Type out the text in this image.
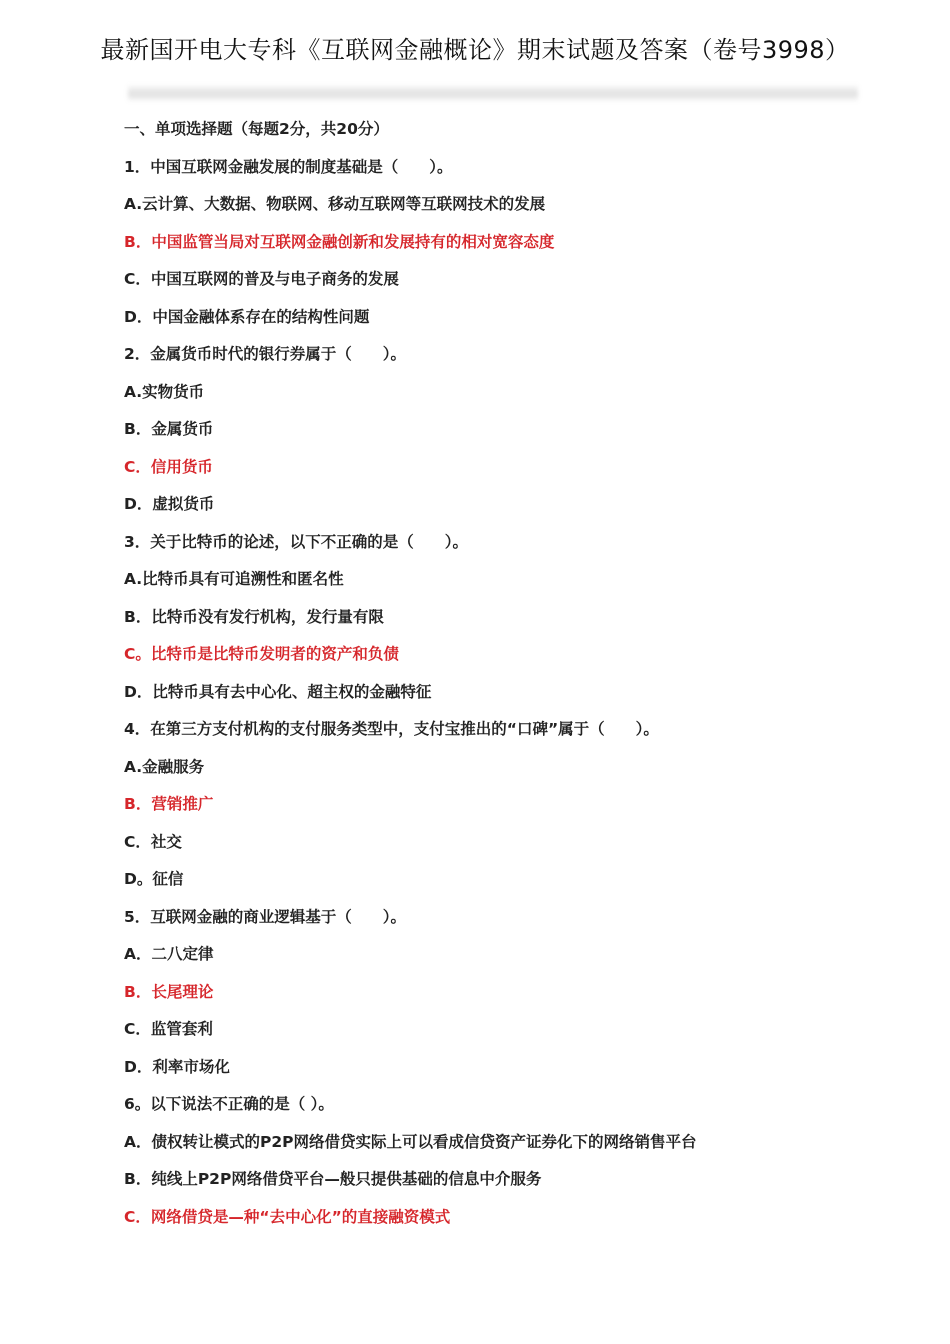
最新国开电大专科《互联网金融概论》期末试题及答案（卷号3998）
一、单项选择题（每题2分，共20分）
1．中国互联网金融发展的制度基础是（　　）。
A.云计算、大数据、物联网、移动互联网等互联网技术的发展
B．中国监管当局对互联网金融创新和发展持有的相对宽容态度
C．中国互联网的普及与电子商务的发展
D．中国金融体系存在的结构性问题
2．金属货币时代的银行券属于（　　）。
A.实物货币
B．金属货币
C．信用货币
D．虚拟货币
3．关于比特币的论述，以下不正确的是（　　）。
A.比特币具有可追溯性和匿名性
B．比特币没有发行机构，发行量有限
C。比特币是比特币发明者的资产和负债
D．比特币具有去中心化、超主权的金融特征
4．在第三方支付机构的支付服务类型中，支付宝推出的“口碑”属于（　　）。
A.金融服务
B．营销推广
C．社交
D。征信
5．互联网金融的商业逻辑基于（　　）。
A．二八定律
B．长尾理论
C．监管套利
D．利率市场化
6。以下说法不正确的是（ ）。
A．债权转让模式的P2P网络借贷实际上可以看成信贷资产证券化下的网络销售平台
B．纯线上P2P网络借贷平台—般只提供基础的信息中介服务
C．网络借贷是—种“去中心化”的直接融资模式
